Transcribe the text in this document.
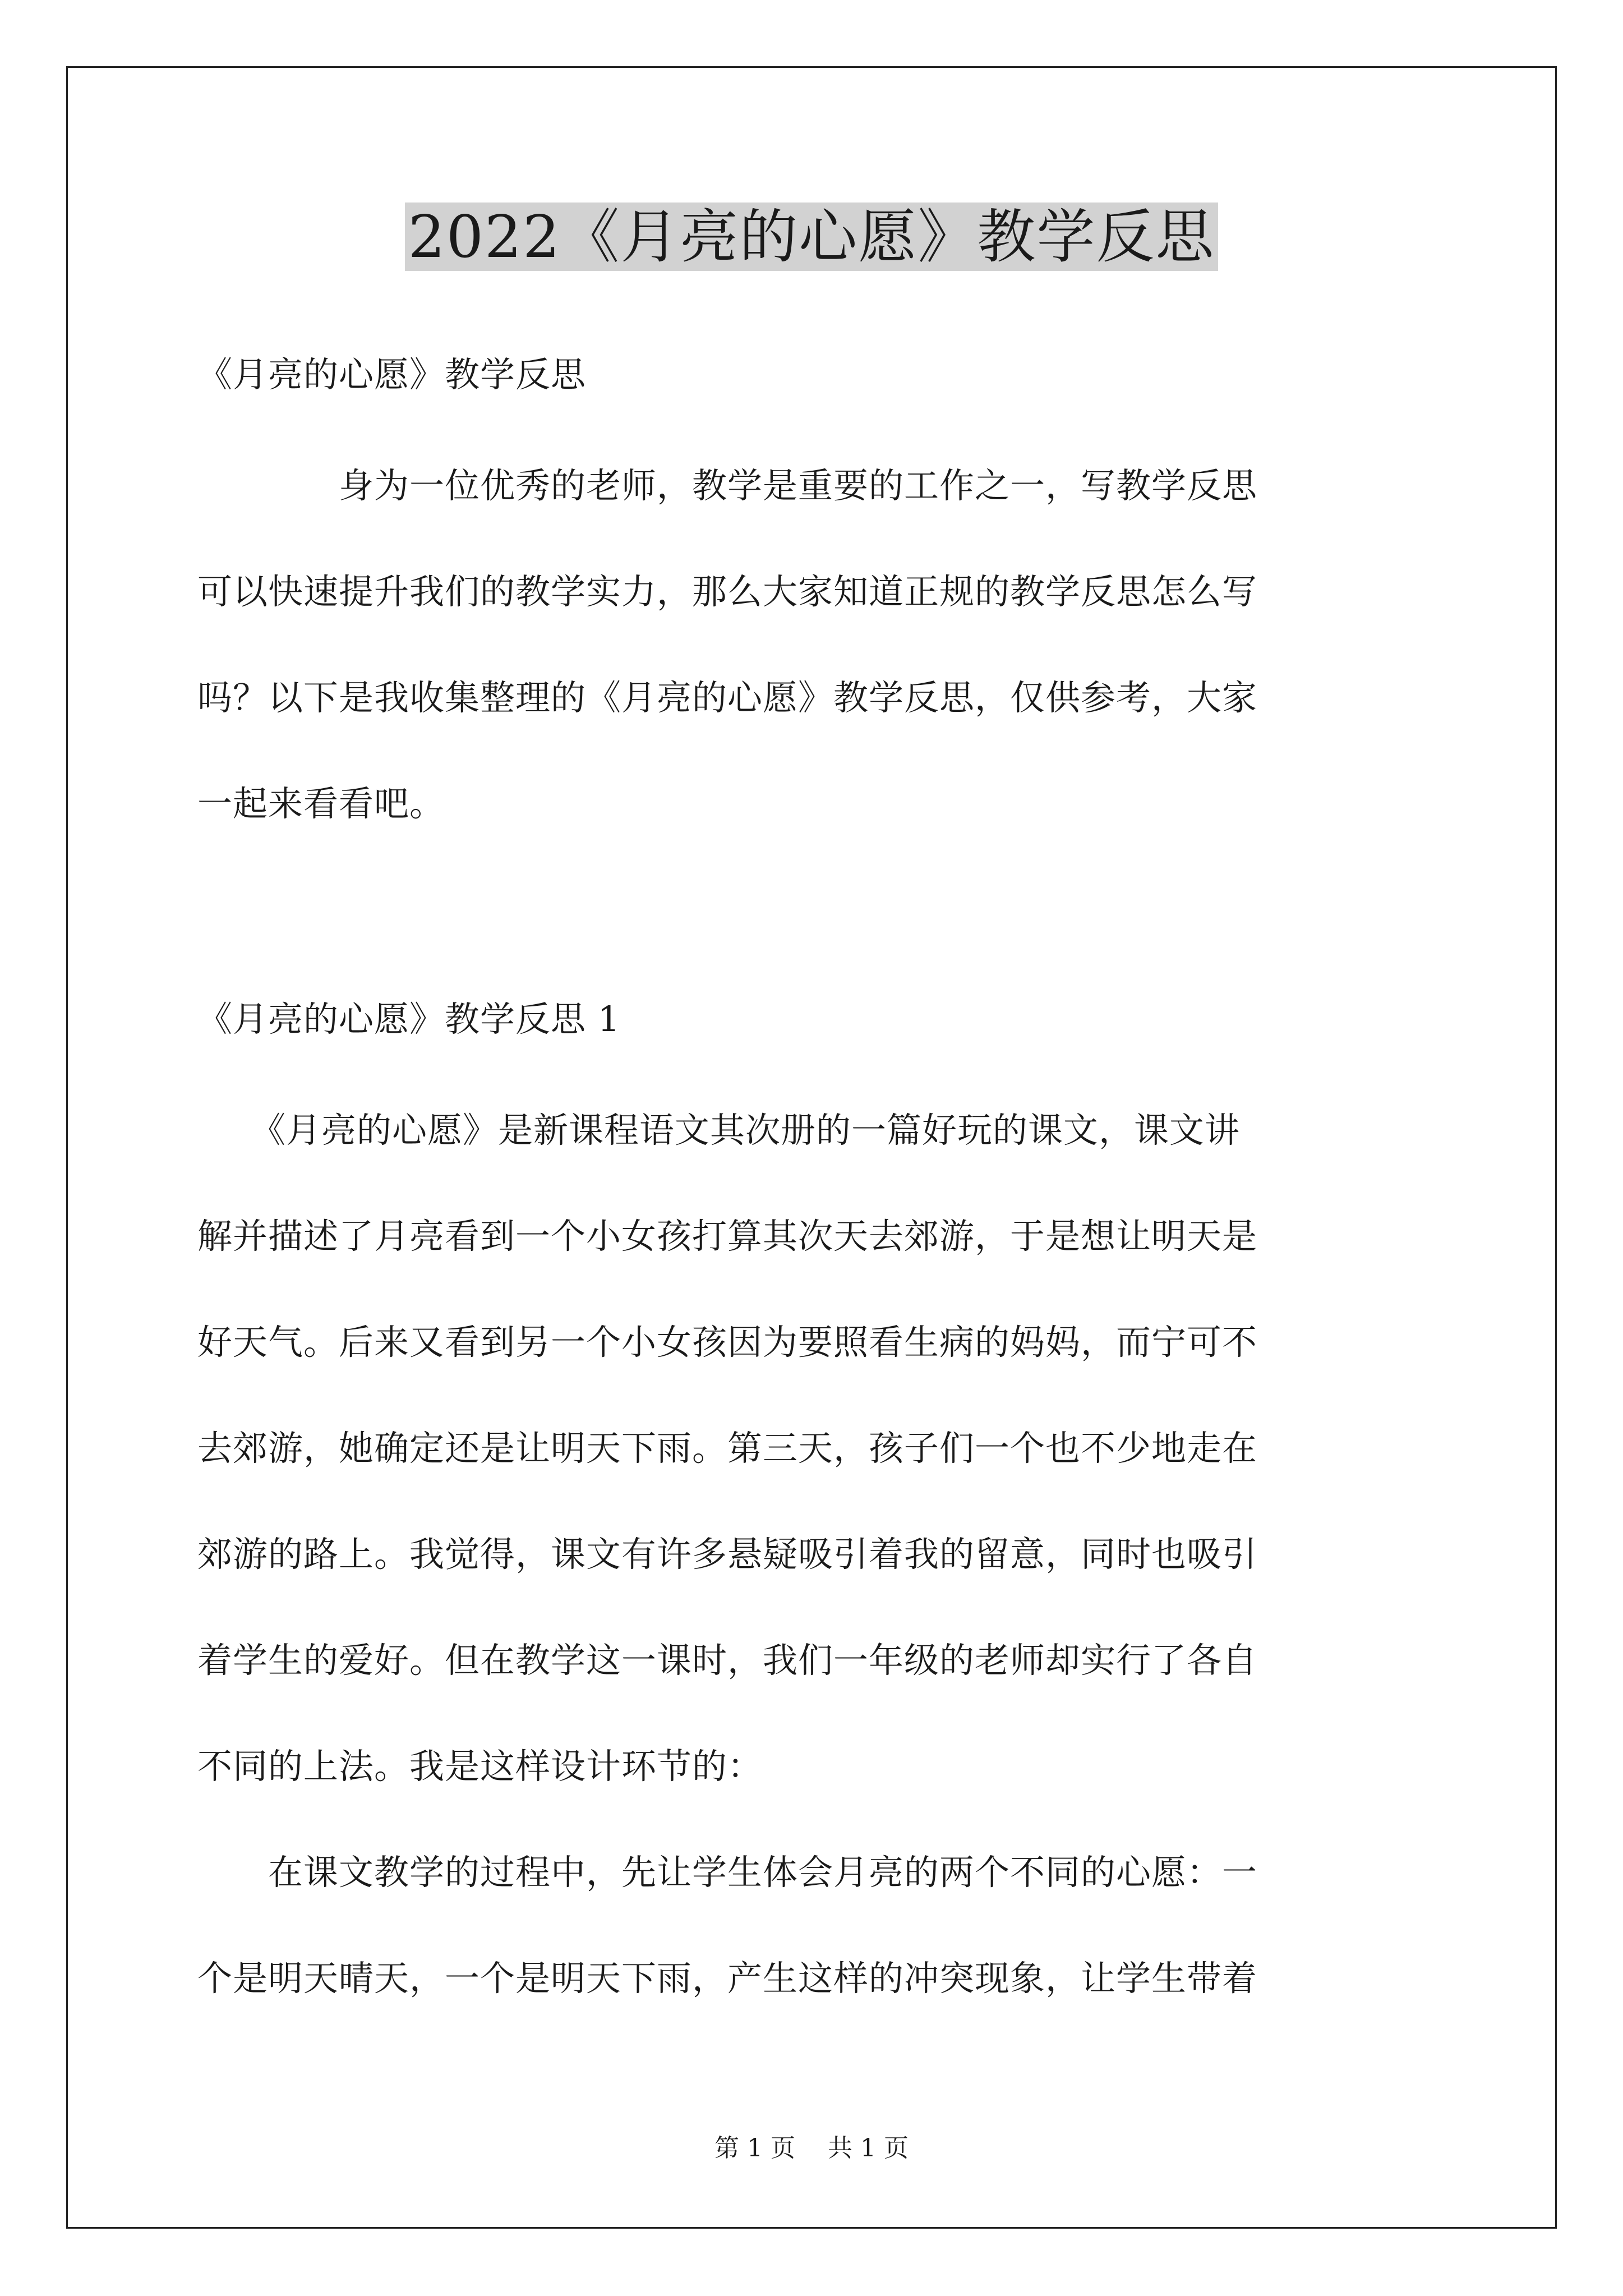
2022《月亮的心愿》教学反思

《月亮的心愿》教学反思

　　　　身为一位优秀的老师，教学是重要的工作之一，写教学反思

可以快速提升我们的教学实力，那么大家知道正规的教学反思怎么写

吗？以下是我收集整理的《月亮的心愿》教学反思，仅供参考，大家

一起来看看吧。

《月亮的心愿》教学反思 1

　　《月亮的心愿》是新课程语文其次册的一篇好玩的课文，课文讲

解并描述了月亮看到一个小女孩打算其次天去郊游，于是想让明天是

好天气。后来又看到另一个小女孩因为要照看生病的妈妈，而宁可不

去郊游，她确定还是让明天下雨。第三天，孩子们一个也不少地走在

郊游的路上。我觉得，课文有许多悬疑吸引着我的留意，同时也吸引

着学生的爱好。但在教学这一课时，我们一年级的老师却实行了各自

不同的上法。我是这样设计环节的：

　　在课文教学的过程中，先让学生体会月亮的两个不同的心愿：一

个是明天晴天，一个是明天下雨，产生这样的冲突现象，让学生带着

第 1 页　 共 1 页
